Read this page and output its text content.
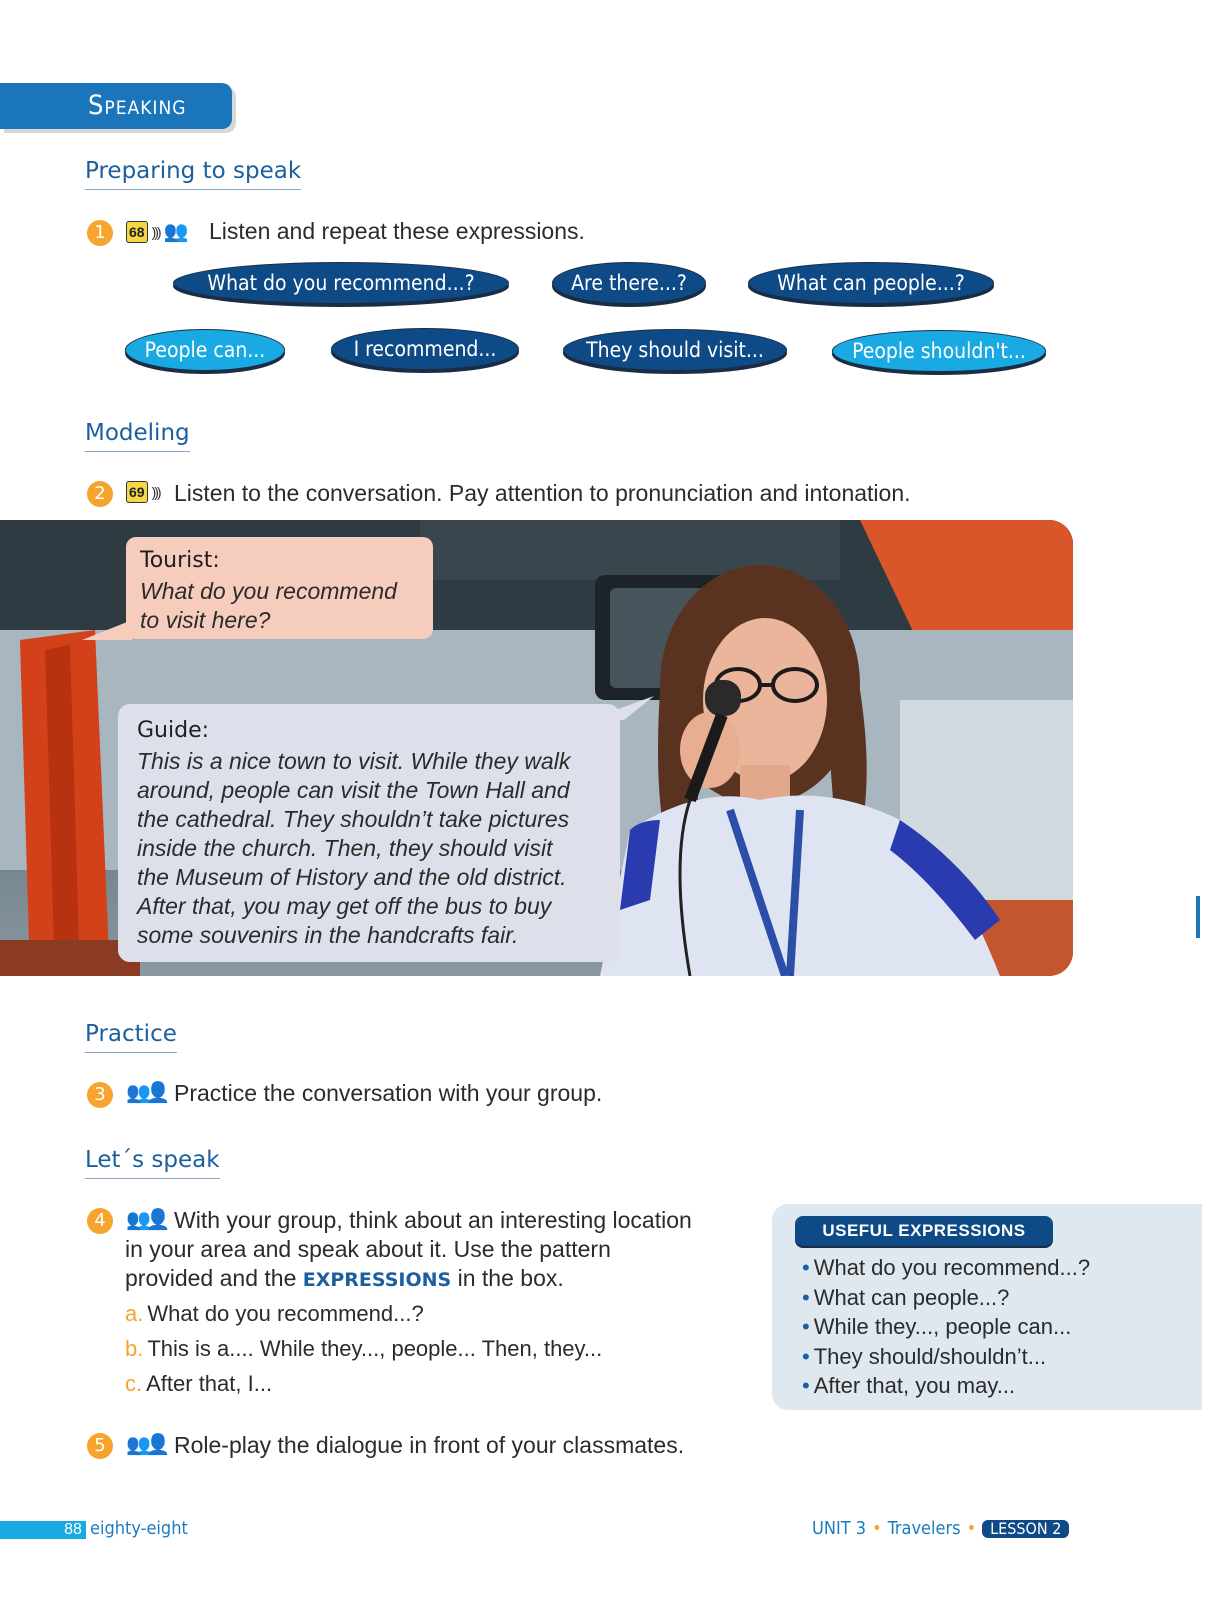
Speaking
Preparing to speak
1	68 ))) 👥 Listen and repeat these expressions.
What do you recommend...?	Are there...?	What can people...?
People can...	I recommend...	They should visit...	People shouldn't...
Modeling
2	69 ))) Listen to the conversation. Pay attention to pronunciation and intonation.
Tourist:
What do you recommend
to visit here?
Guide:
This is a nice town to visit. While they walk
around, people can visit the Town Hall and
the cathedral. They shouldn’t take pictures
inside the church. Then, they should visit
the Museum of History and the old district.
After that, you may get off the bus to buy
some souvenirs in the handcrafts fair.
Practice
3	👥👤 Practice the conversation with your group.
Let´s speak
4	👥👤 With your group, think about an interesting location
in your area and speak about it. Use the pattern
provided and the EXPRESSIONS in the box.
a. What do you recommend...?
b. This is a.... While they..., people... Then, they...
c. After that, I...
USEFUL EXPRESSIONS
• What do you recommend...?
• What can people...?
• While they..., people can...
• They should/shouldn’t...
• After that, you may...
5	👥👤 Role-play the dialogue in front of your classmates.
88 eighty-eight	UNIT 3 • Travelers • LESSON 2
